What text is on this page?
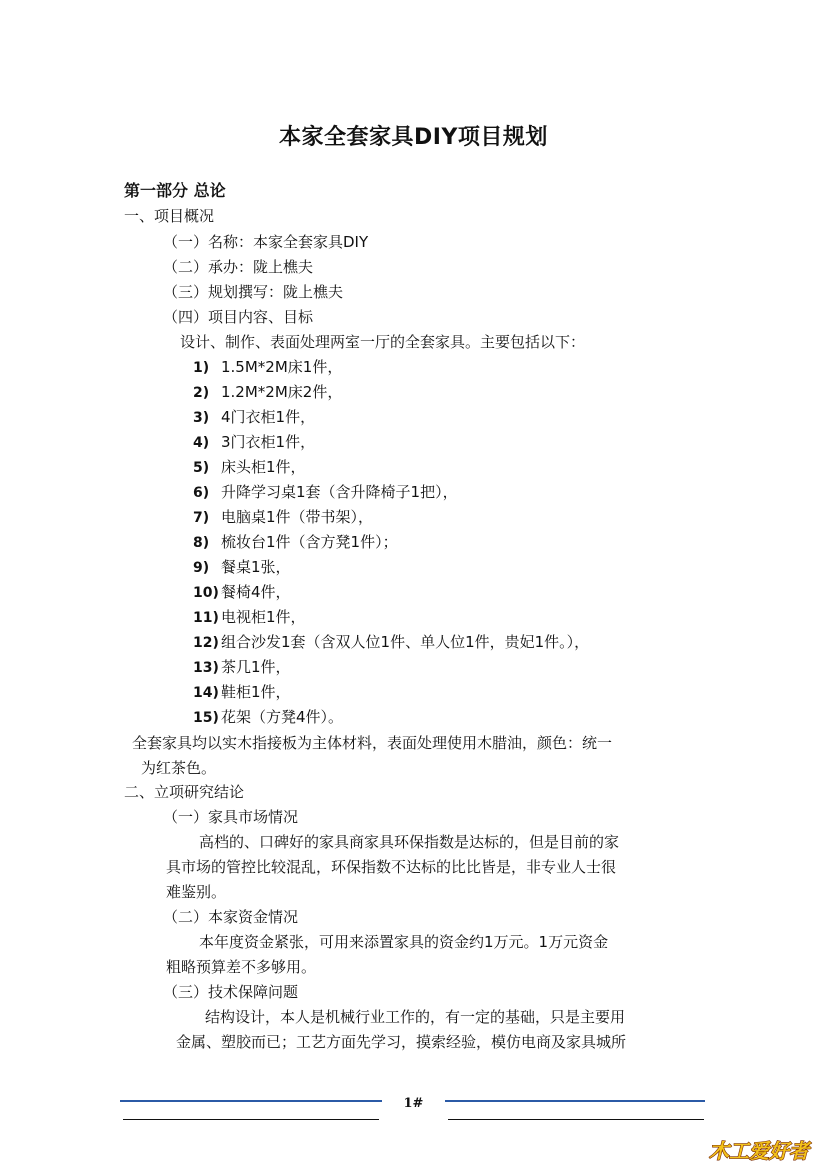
本家全套家具DIY项目规划
第一部分 总论
一、项目概况
（一）名称：本家全套家具DIY
（二）承办：陇上樵夫
（三）规划撰写：陇上樵夫
（四）项目内容、目标
设计、制作、表面处理两室一厅的全套家具。主要包括以下：
1) 1.5M*2M床1件，
2) 1.2M*2M床2件，
3) 4门衣柜1件，
4) 3门衣柜1件，
5) 床头柜1件，
6) 升降学习桌1套（含升降椅子1把），
7) 电脑桌1件（带书架），
8) 梳妆台1件（含方凳1件）；
9) 餐桌1张，
10) 餐椅4件，
11) 电视柜1件，
12) 组合沙发1套（含双人位1件、单人位1件，贵妃1件。），
13) 茶几1件，
14) 鞋柜1件，
15) 花架（方凳4件）。
全套家具均以实木指接板为主体材料，表面处理使用木腊油，颜色：统一
为红茶色。
二、立项研究结论
（一）家具市场情况
高档的、口碑好的家具商家具环保指数是达标的，但是目前的家
具市场的管控比较混乱，环保指数不达标的比比皆是，非专业人士很
难鉴别。
（二）本家资金情况
本年度资金紧张，可用来添置家具的资金约1万元。1万元资金
粗略预算差不多够用。
（三）技术保障问题
结构设计，本人是机械行业工作的，有一定的基础，只是主要用
金属、塑胶而已；工艺方面先学习，摸索经验，模仿电商及家具城所
1#
木工爱好者
